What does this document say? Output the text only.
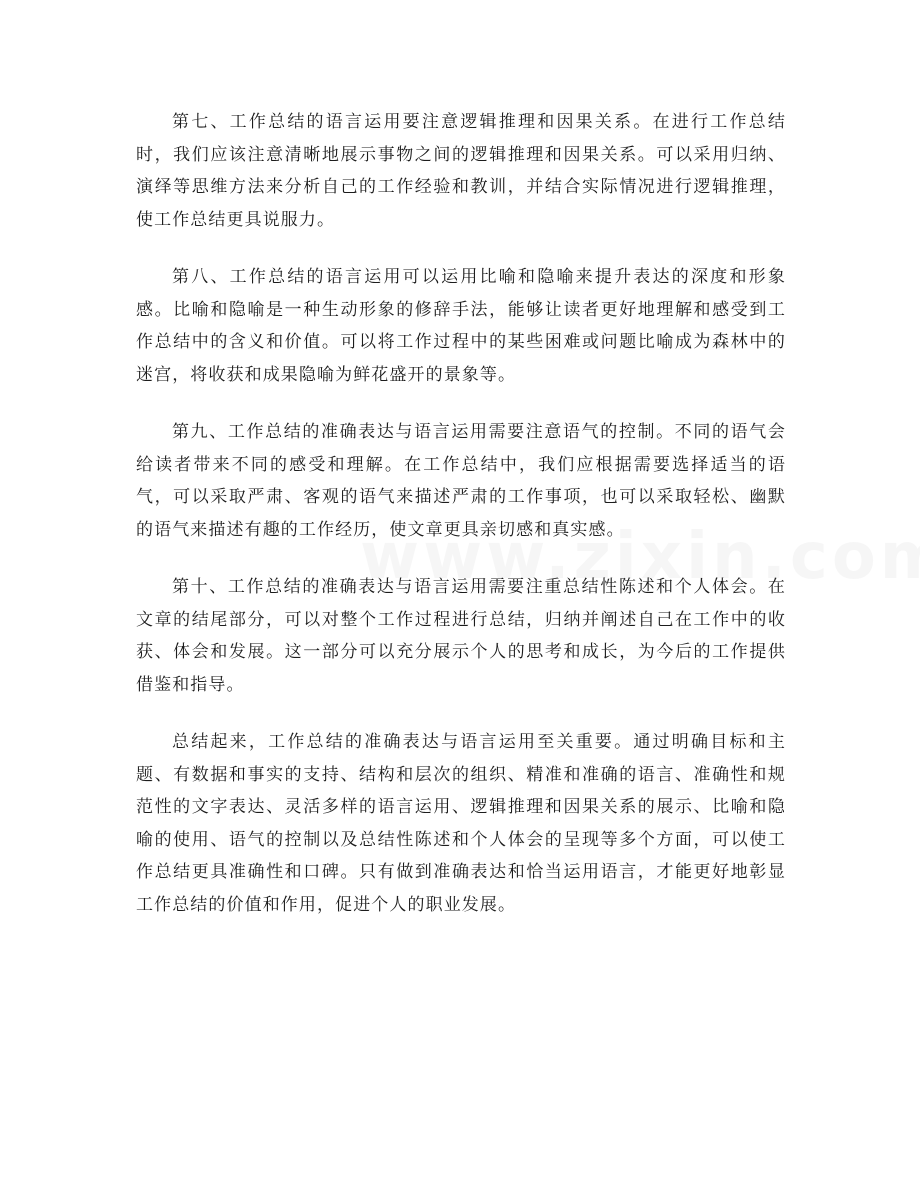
第七、工作总结的语言运用要注意逻辑推理和因果关系。在进行工作总结时，我们应该注意清晰地展示事物之间的逻辑推理和因果关系。可以采用归纳、演绎等思维方法来分析自己的工作经验和教训，并结合实际情况进行逻辑推理，使工作总结更具说服力。

第八、工作总结的语言运用可以运用比喻和隐喻来提升表达的深度和形象感。比喻和隐喻是一种生动形象的修辞手法，能够让读者更好地理解和感受到工作总结中的含义和价值。可以将工作过程中的某些困难或问题比喻成为森林中的迷宫，将收获和成果隐喻为鲜花盛开的景象等。

第九、工作总结的准确表达与语言运用需要注意语气的控制。不同的语气会给读者带来不同的感受和理解。在工作总结中，我们应根据需要选择适当的语气，可以采取严肃、客观的语气来描述严肃的工作事项，也可以采取轻松、幽默的语气来描述有趣的工作经历，使文章更具亲切感和真实感。

第十、工作总结的准确表达与语言运用需要注重总结性陈述和个人体会。在文章的结尾部分，可以对整个工作过程进行总结，归纳并阐述自己在工作中的收获、体会和发展。这一部分可以充分展示个人的思考和成长，为今后的工作提供借鉴和指导。

总结起来，工作总结的准确表达与语言运用至关重要。通过明确目标和主题、有数据和事实的支持、结构和层次的组织、精准和准确的语言、准确性和规范性的文字表达、灵活多样的语言运用、逻辑推理和因果关系的展示、比喻和隐喻的使用、语气的控制以及总结性陈述和个人体会的呈现等多个方面，可以使工作总结更具准确性和口碑。只有做到准确表达和恰当运用语言，才能更好地彰显工作总结的价值和作用，促进个人的职业发展。
